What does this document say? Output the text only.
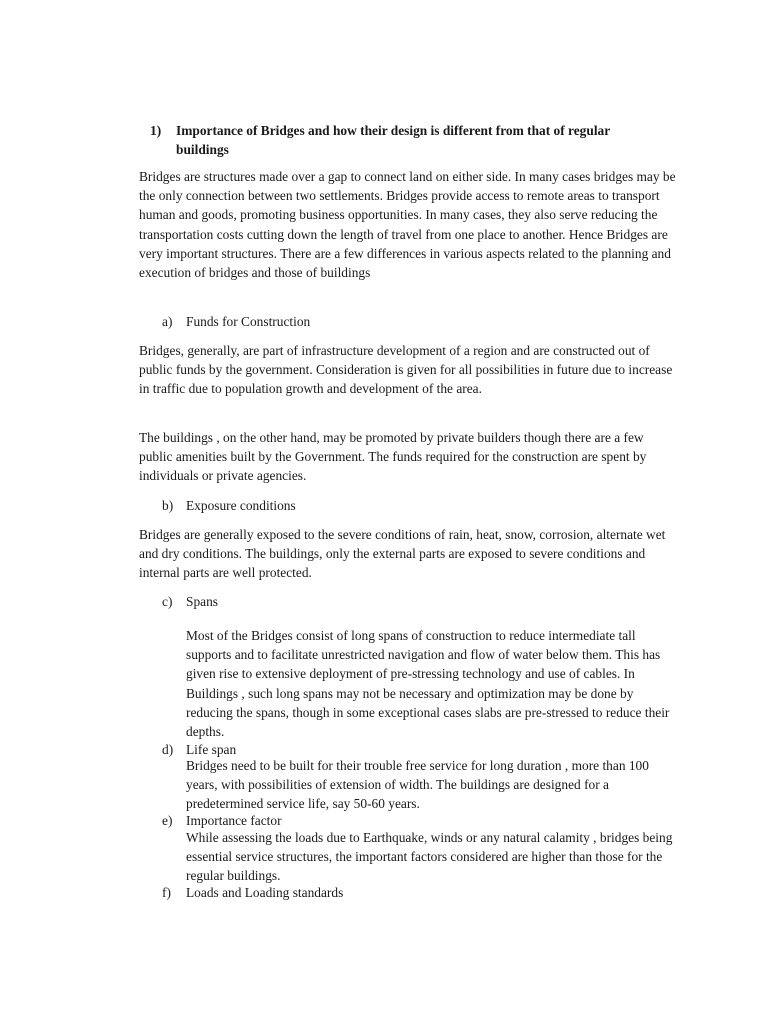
1) Importance of Bridges and how their design is different from that of regular buildings

Bridges are structures made over a gap to connect land on either side. In many cases bridges may be the only connection between two settlements. Bridges provide access to remote areas to transport human and goods, promoting business opportunities. In many cases, they also serve reducing the transportation costs cutting down the length of travel from one place to another. Hence Bridges are very important structures. There are a few differences in various aspects related to the planning and execution of bridges and those of buildings

a) Funds for Construction

Bridges, generally, are part of infrastructure development of a region and are constructed out of public funds by the government. Consideration is given for all possibilities in future due to increase in traffic due to population growth and development of the area.

The buildings , on the other hand, may be promoted by private builders though there are a few public amenities built by the Government. The funds required for the construction are spent by individuals or private agencies.

b) Exposure conditions

Bridges are generally exposed to the severe conditions of rain, heat, snow, corrosion, alternate wet and dry conditions. The buildings, only the external parts are exposed to severe conditions and internal parts are well protected.

c) Spans

Most of the Bridges consist of long spans of construction to reduce intermediate tall supports and to facilitate unrestricted navigation and flow of water below them. This has given rise to extensive deployment of pre-stressing technology and use of cables. In Buildings , such long spans may not be necessary and optimization may be done by reducing the spans, though in some exceptional cases slabs are pre-stressed to reduce their depths.

d) Life span

Bridges need to be built for their trouble free service for long duration , more than 100 years, with possibilities of extension of width. The buildings are designed for a predetermined service life, say 50-60 years.

e) Importance factor

While assessing the loads due to Earthquake, winds or any natural calamity , bridges being essential service structures, the important factors considered are higher than those for the regular buildings.

f) Loads and Loading standards
